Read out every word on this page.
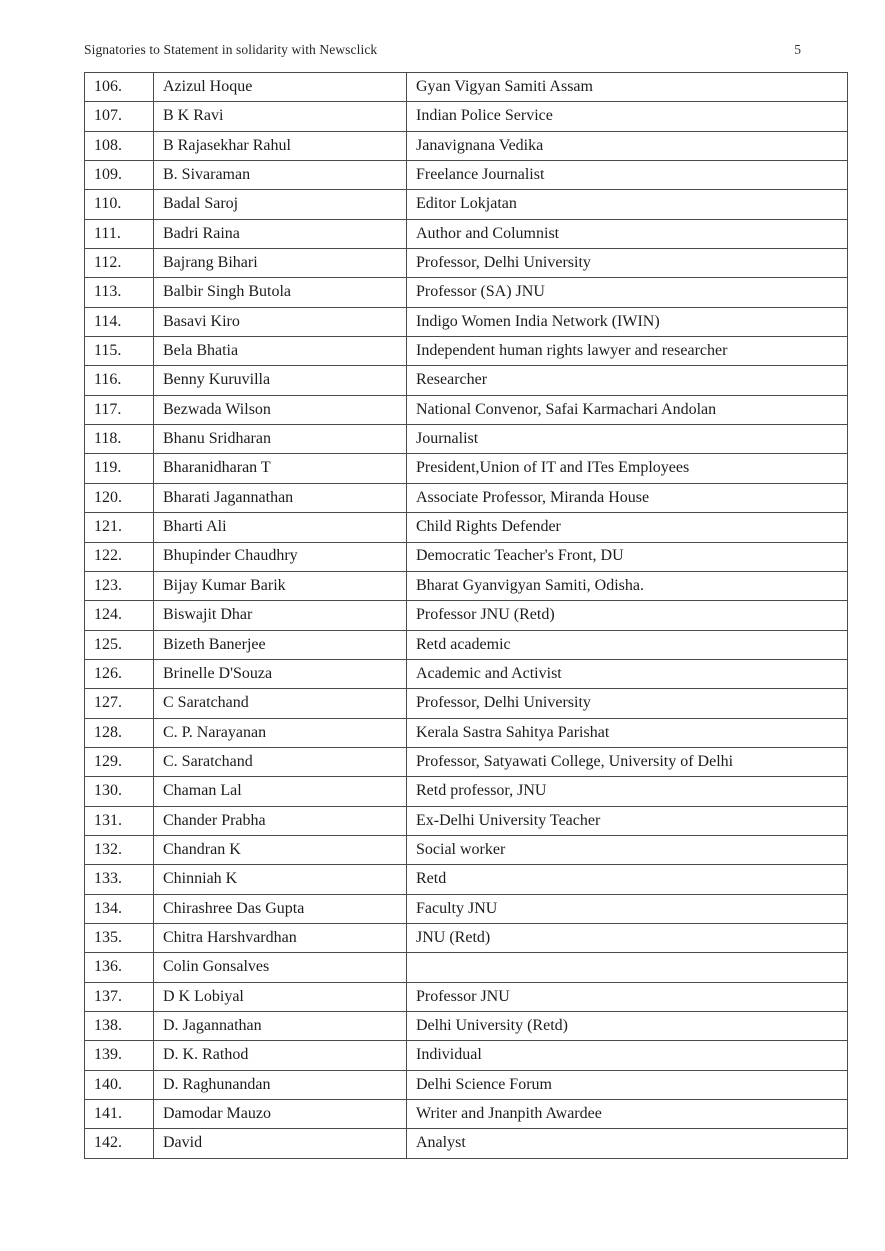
Signatories to Statement in solidarity with Newsclick	5
106.	Azizul Hoque	Gyan Vigyan Samiti Assam
107.	B K Ravi	Indian Police Service
108.	B Rajasekhar Rahul	Janavignana Vedika
109.	B. Sivaraman	Freelance Journalist
110.	Badal Saroj	Editor Lokjatan
111.	Badri Raina	Author and Columnist
112.	Bajrang Bihari	Professor, Delhi University
113.	Balbir Singh Butola	Professor (SA) JNU
114.	Basavi Kiro	Indigo Women India Network (IWIN)
115.	Bela Bhatia	Independent human rights lawyer and researcher
116.	Benny Kuruvilla	Researcher
117.	Bezwada Wilson	National Convenor, Safai Karmachari Andolan
118.	Bhanu Sridharan	Journalist
119.	Bharanidharan T	President,Union of IT and ITes Employees
120.	Bharati Jagannathan	Associate Professor, Miranda House
121.	Bharti Ali	Child Rights Defender
122.	Bhupinder Chaudhry	Democratic Teacher's Front, DU
123.	Bijay Kumar Barik	Bharat Gyanvigyan Samiti, Odisha.
124.	Biswajit Dhar	Professor JNU (Retd)
125.	Bizeth Banerjee	Retd academic
126.	Brinelle D'Souza	Academic and Activist
127.	C Saratchand	Professor, Delhi University
128.	C. P. Narayanan	Kerala Sastra Sahitya Parishat
129.	C. Saratchand	Professor, Satyawati College, University of Delhi
130.	Chaman Lal	Retd professor, JNU
131.	Chander Prabha	Ex-Delhi University Teacher
132.	Chandran K	Social worker
133.	Chinniah K	Retd
134.	Chirashree Das Gupta	Faculty JNU
135.	Chitra Harshvardhan	JNU (Retd)
136.	Colin Gonsalves	
137.	D K Lobiyal	Professor JNU
138.	D. Jagannathan	Delhi University (Retd)
139.	D. K. Rathod	Individual
140.	D. Raghunandan	Delhi Science Forum
141.	Damodar Mauzo	Writer and Jnanpith Awardee
142.	David	Analyst
